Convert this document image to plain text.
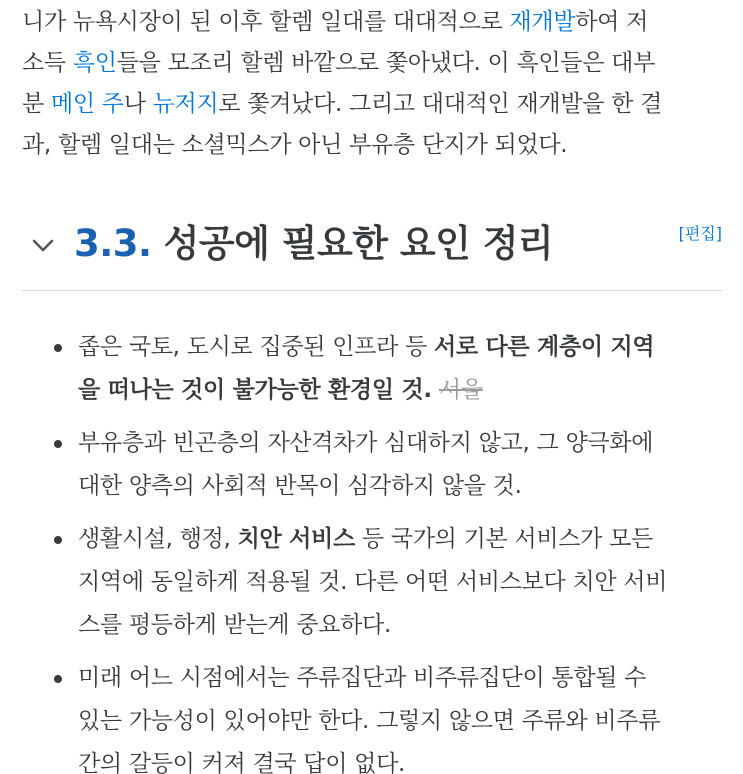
니가 뉴욕시장이 된 이후 할렘 일대를 대대적으로 재개발하여 저
소득 흑인들을 모조리 할렘 바깥으로 쫓아냈다. 이 흑인들은 대부
분 메인 주나 뉴저지로 쫓겨났다. 그리고 대대적인 재개발을 한 결
과, 할렘 일대는 소셜믹스가 아닌 부유층 단지가 되었다.
3.3. 성공에 필요한 요인 정리	[편집]
좁은 국토, 도시로 집중된 인프라 등 서로 다른 계층이 지역
을 떠나는 것이 불가능한 환경일 것. 서울
부유층과 빈곤층의 자산격차가 심대하지 않고, 그 양극화에
대한 양측의 사회적 반목이 심각하지 않을 것.
생활시설, 행정, 치안 서비스 등 국가의 기본 서비스가 모든
지역에 동일하게 적용될 것. 다른 어떤 서비스보다 치안 서비
스를 평등하게 받는게 중요하다.
미래 어느 시점에서는 주류집단과 비주류집단이 통합될 수
있는 가능성이 있어야만 한다. 그렇지 않으면 주류와 비주류
간의 갈등이 커져 결국 답이 없다.
